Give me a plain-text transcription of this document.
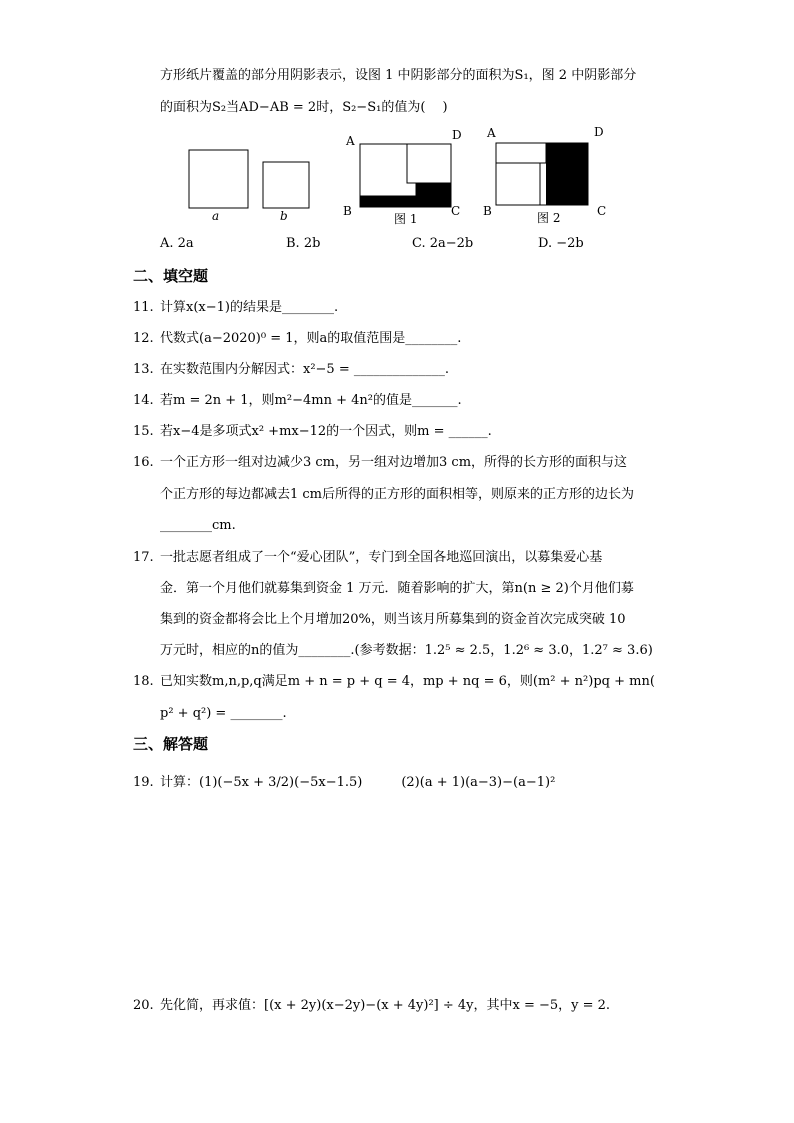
方形纸片覆盖的部分用阴影表示，设图 1 中阴影部分的面积为S₁，图 2 中阴影部分
的面积为S₂当AD−AB = 2时，S₂−S₁的值为(　 )
a	b
A	D
B	C
图 1
A	D
B	C
图 2
A. 2a	B. 2b	C. 2a−2b	D. −2b
二、填空题
11. 计算x(x−1)的结果是________.
12. 代数式(a−2020)⁰ = 1，则a的取值范围是________.
13. 在实数范围内分解因式：x²−5 = ______________.
14. 若m = 2n + 1，则m²−4mn + 4n²的值是_______.
15. 若x−4是多项式x² +mx−12的一个因式，则m = ______.
16. 一个正方形一组对边减少3 cm，另一组对边增加3 cm，所得的长方形的面积与这
个正方形的每边都减去1 cm后所得的正方形的面积相等，则原来的正方形的边长为
________cm.
17. 一批志愿者组成了一个“爱心团队”，专门到全国各地巡回演出，以募集爱心基
金．第一个月他们就募集到资金 1 万元．随着影响的扩大，第n(n ≥ 2)个月他们募
集到的资金都将会比上个月增加20%，则当该月所募集到的资金首次完成突破 10
万元时，相应的n的值为________.(参考数据：1.2⁵ ≈ 2.5，1.2⁶ ≈ 3.0，1.2⁷ ≈ 3.6)
18. 已知实数m,n,p,q满足m + n = p + q = 4，mp + nq = 6，则(m² + n²)pq + mn(
p² + q²) = ________.
三、解答题
19. 计算：(1)(−5x + 3/2)(−5x−1.5)　　　(2)(a + 1)(a−3)−(a−1)²
20. 先化简，再求值：[(x + 2y)(x−2y)−(x + 4y)²] ÷ 4y，其中x = −5，y = 2.
